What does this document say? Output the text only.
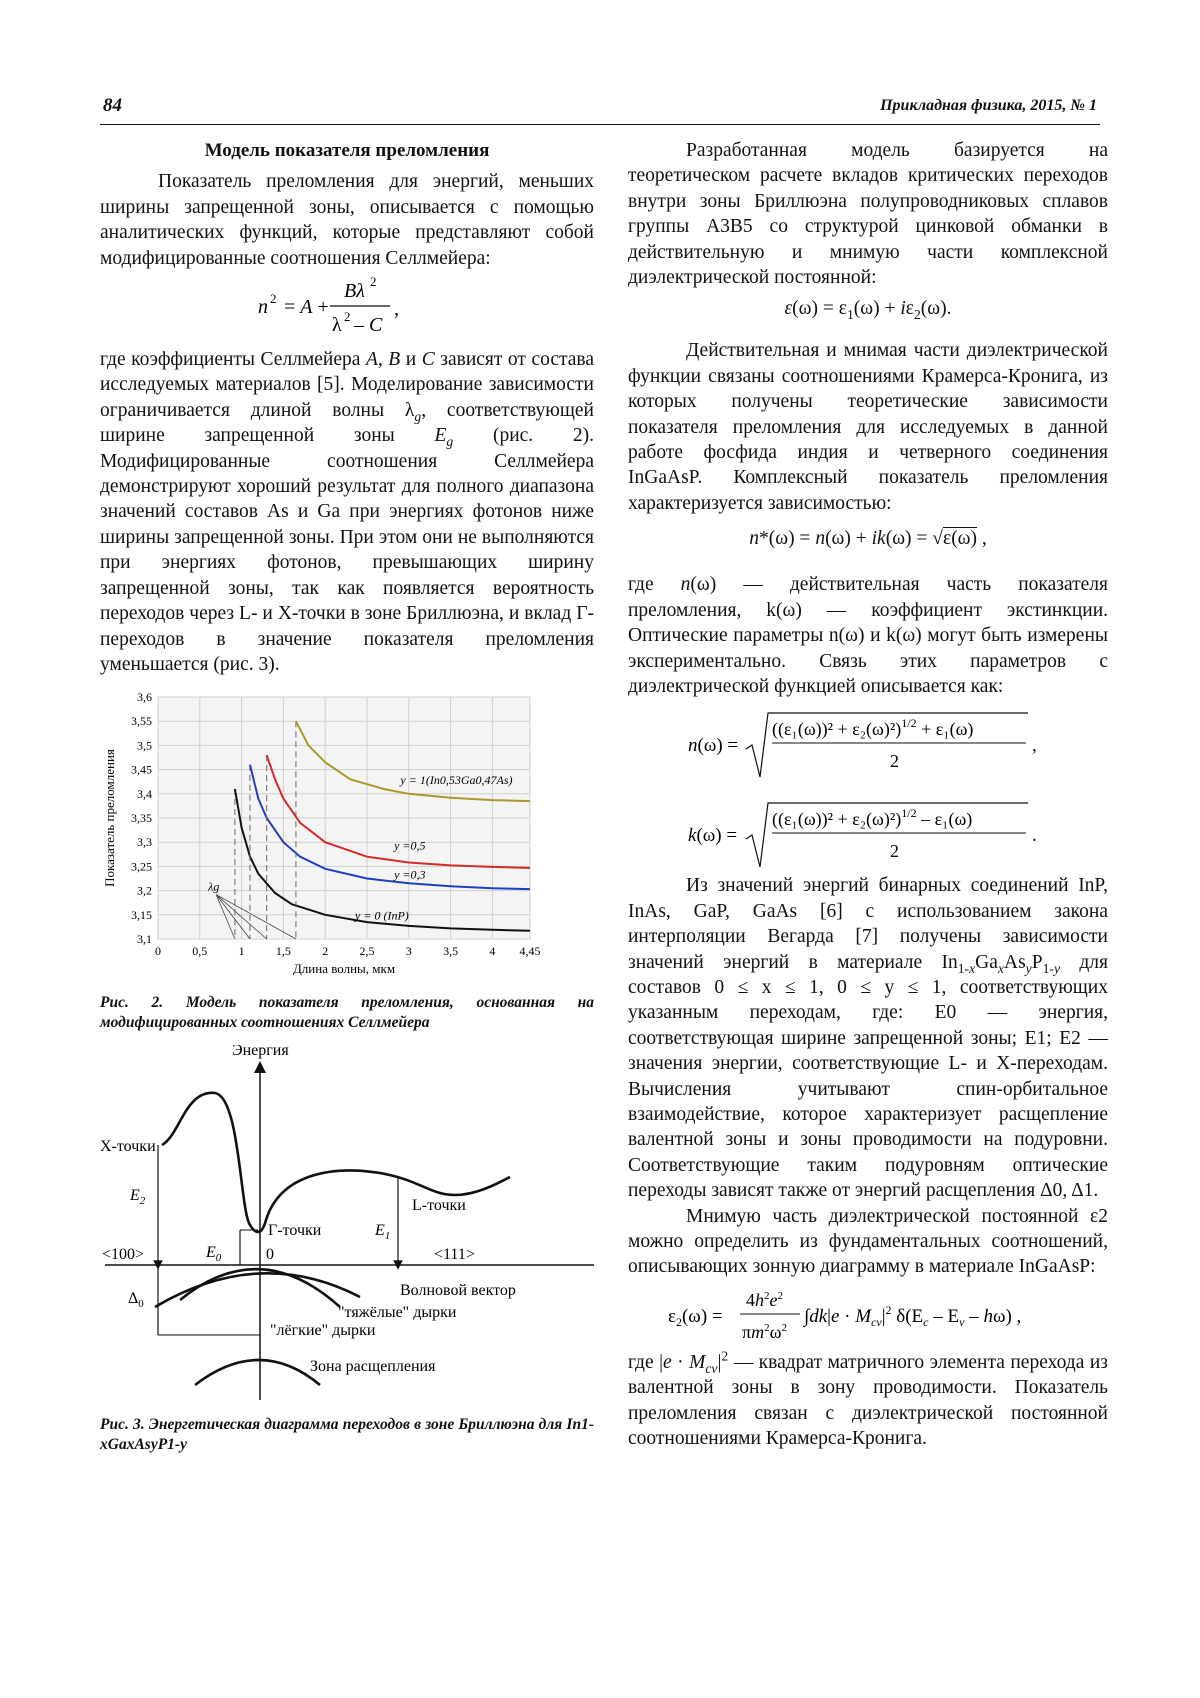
84	Прикладная физика, 2015, № 1
Модель показателя преломления

Показатель преломления для энергий, меньших ширины запрещенной зоны, описывается с помощью аналитических функций, которые представляют собой модифицированные соотношения Селлмейера:

n 2 = A +
Bλ 2
λ 2 – C
,

где коэффициенты Селлмейера A, B и C зависят от состава исследуемых материалов [5]. Моделирование зависимости ограничивается длиной волны $\lambda_g$, соответствующей ширине запрещенной зоны $E_g$ (рис. 2). Модифицированные соотношения Селлмейера демонстрируют хороший результат для полного диапазона значений составов As и Ga при энергиях фотонов ниже ширины запрещенной зоны. При этом они не выполняются при энергиях фотонов, превышающих ширину запрещенной зоны, так как появляется вероятность переходов через L- и X-точки в зоне Бриллюэна, и вклад Г-переходов в значение показателя преломления уменьшается (рис. 3).

3,1
3,15
3,2
3,25
3,3
3,35
3,4
3,45
3,5
3,55
3,6
0	0,5	1	1,5	2	2,5	3	3,5	4 4,45
Длина волны, мкм
Показатель преломления
y = 0 (InP)
y =0,3
y =0,5
y = 1(In0,53Ga0,47As)
λg
Рис. 2. Модель показателя преломления, основанная на модифицированных соотношениях Селлмейера
Энергия
X-точки
$E_2$
Г-точки
$E_0$
$E_1$
L-точки
<100>	0	<111>
$\Delta_0$
Волновой вектор
"тяжёлые" дырки
"лёгкие" дырки
Зона расщепления
Рис. 3. Энергетическая диаграмма переходов в зоне Бриллюэна для In1-xGaxAsyP1-y

Разработанная модель базируется на теоретическом расчете вкладов критических переходов внутри зоны Бриллюэна полупроводниковых сплавов группы A3B5 со структурой цинковой обманки в действительную и мнимую части комплексной диэлектрической постоянной:

$\varepsilon(\omega) = \varepsilon_1(\omega) + i\varepsilon_2(\omega)$.

Действительная и мнимая части диэлектрической функции связаны соотношениями Крамерса-Кронига, из которых получены теоретические зависимости показателя преломления для исследуемых в данной работе фосфида индия и четверного соединения InGaAsP. Комплексный показатель преломления характеризуется зависимостью:

n*(ω) = n(ω) + ik(ω) = √ε(ω) ,

где n(ω) — действительная часть показателя преломления, k(ω) — коэффициент экстинкции. Оптические параметры n(ω) и k(ω) могут быть измерены экспериментально. Связь этих параметров с диэлектрической функцией описывается как:

n(ω) =
$((\varepsilon_1(\omega))^2 + \varepsilon_2(\omega)^2)^{1/2} + \varepsilon_1(\omega)$
2
,
k(ω) =
$((\varepsilon_1(\omega))^2 + \varepsilon_2(\omega)^2)^{1/2} - \varepsilon_1(\omega)$
2
.

Из значений энергий бинарных соединений InP, InAs, GaP, GaAs [6] с использованием закона интерполяции Вегарда [7] получены зависимости значений энергий в материале $In_{1-x}Ga_xAs_yP_{1-y}$ для составов 0 ≤ x ≤ 1, 0 ≤ y ≤ 1, соответствующих указанным переходам, где: E0 — энергия, соответствующая ширине запрещенной зоны; E1; E2 — значения энергии, соответствующие L- и X-переходам. Вычисления учитывают спин-орбитальное взаимодействие, которое характеризует расщепление валентной зоны и зоны проводимости на подуровни. Соответствующие таким подуровням оптические переходы зависят также от энергий расщепления Δ0, Δ1.

Мнимую часть диэлектрической постоянной ε2 можно определить из фундаментальных соотношений, описывающих зонную диаграмму в материале InGaAsP:

$\varepsilon_2(\omega)$ =
$4h^2e^2$
$\pi m^2\omega^2$
$\int dk|e \cdot M_{cv}|^2$ $\delta(E_c - E_v - h\omega)$ ,

где $|e \cdot M_{cv}|^2$ — квадрат матричного элемента перехода из валентной зоны в зону проводимости. Показатель преломления связан с диэлектрической постоянной соотношениями Крамерса-Кронига.
